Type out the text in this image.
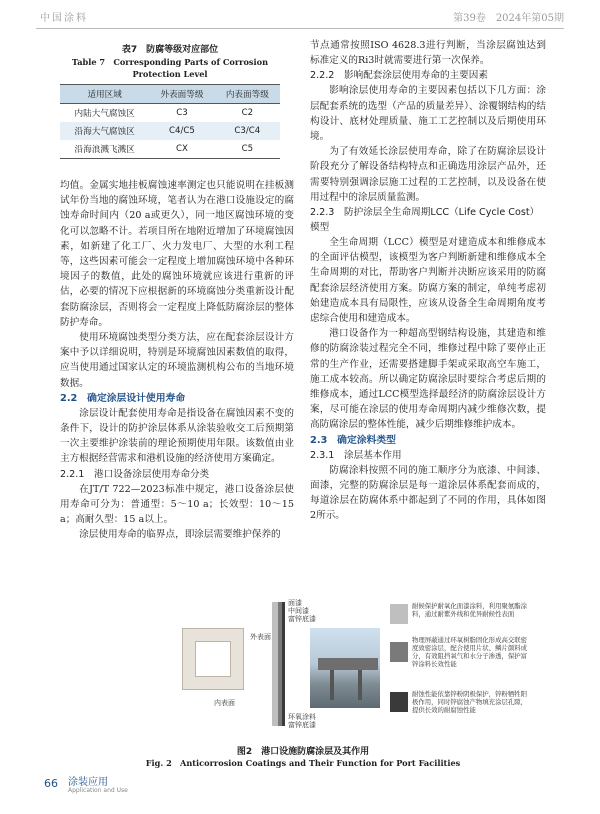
中国涂料	第39卷　2024年第05期
表7　防腐等级对应部位
Table 7　Corresponding Parts of Corrosion Protection Level
适用区域	外表面等级	内表面等级
内陆大气腐蚀区	C3	C2
沿海大气腐蚀区	C4/C5	C3/C4
沿海浪溅飞溅区	CX	C5

均值。金属实地挂板腐蚀速率测定也只能说明在挂板测试年份当地的腐蚀环境，笔者认为在港口设施设定的腐蚀寿命时间内（20 a或更久），同一地区腐蚀环境的变化可以忽略不计。若项目所在地附近增加了环境腐蚀因素，如新建了化工厂、火力发电厂、大型的水利工程等，这些因素可能会一定程度上增加腐蚀环境中各种环境因子的数值，此处的腐蚀环境就应该进行重新的评估，必要的情况下应根据新的环境腐蚀分类重新设计配套防腐涂层，否则将会一定程度上降低防腐涂层的整体防护寿命。

使用环境腐蚀类型分类方法，应在配套涂层设计方案中予以详细说明，特别是环境腐蚀因素数值的取得，应当使用通过国家认定的环境监测机构公布的当地环境数据。

2.2　确定涂层设计使用寿命

涂层设计配套使用寿命是指设备在腐蚀因素不变的条件下，设计的防护涂层体系从涂装验收交工后预期第一次主要维护涂装前的理论预期使用年限。该数值由业主方根据经营需求和港机设施的经济使用方案确定。

2.2.1　港口设备涂层使用寿命分类

在JT/T 722—2023标准中规定，港口设备涂层使用寿命可分为：普通型：5～10 a；长效型：10～15 a；高耐久型：15 a以上。

涂层使用寿命的临界点，即涂层需要维护保养的

节点通常按照ISO 4628.3进行判断，当涂层腐蚀达到标准定义的Ri3时就需要进行第一次保养。

2.2.2　影响配套涂层使用寿命的主要因素

影响涂层使用寿命的主要因素包括以下几方面：涂层配套系统的选型（产品的质量差异）、涂覆钢结构的结构设计、底材处理质量、施工工艺控制以及后期使用环境。

为了有效延长涂层使用寿命，除了在防腐涂层设计阶段充分了解设备结构特点和正确选用涂层产品外，还需要特别强调涂层施工过程的工艺控制，以及设备在使用过程中的涂层质量监测。

2.2.3　防护涂层全生命周期LCC（Life Cycle Cost）模型

全生命周期（LCC）模型是对建造成本和维修成本的全面评估模型，该模型为客户判断新建和维修成本全生命周期的对比，帮助客户判断并决断应该采用的防腐配套涂层经济使用方案。防腐方案的制定，单纯考虑初始建造成本具有局限性，应该从设备全生命周期角度考虑综合使用和建造成本。

港口设备作为一种超高型钢结构设施，其建造和维修的防腐涂装过程完全不同，维修过程中除了要停止正常的生产作业，还需要搭建脚手架或采取高空车施工，施工成本较高。所以确定防腐涂层时要综合考虑后期的维修成本，通过LCC模型选择最经济的防腐涂层设计方案，尽可能在涂层的使用寿命周期内减少维修次数，提高防腐涂层的整体性能，减少后期维修维护成本。

2.3　确定涂料类型

2.3.1　涂层基本作用

防腐涂料按照不同的施工顺序分为底漆、中间漆、面漆，完整的防腐涂层是每一道涂层体系配套而成的，每道涂层在防腐体系中都起到了不同的作用，具体如图2所示。

外表面
内表面
面漆
中间漆
富锌底漆
环氧涂料
富锌底漆
耐候保护耐氧化面漆涂料，利用聚氨酯涂料，通过耐紫外线和优异耐候性表面
物理屏蔽通过环氧树脂固化形成高交联密度致密涂层，配合使用片状、鳞片颜料成分，有效阻挡氧气和水分子渗透，保护富锌涂料长效性能
耐蚀性能依靠锌粉阴极保护，锌粉牺牲阳极作用，同时锌腐蚀产物填充涂层孔隙，提供长效的耐腐蚀性能
图2　港口设施防腐涂层及其作用
Fig. 2　Anticorrosion Coatings and Their Function for Port Facilities
66 涂装应用
Application and Use
